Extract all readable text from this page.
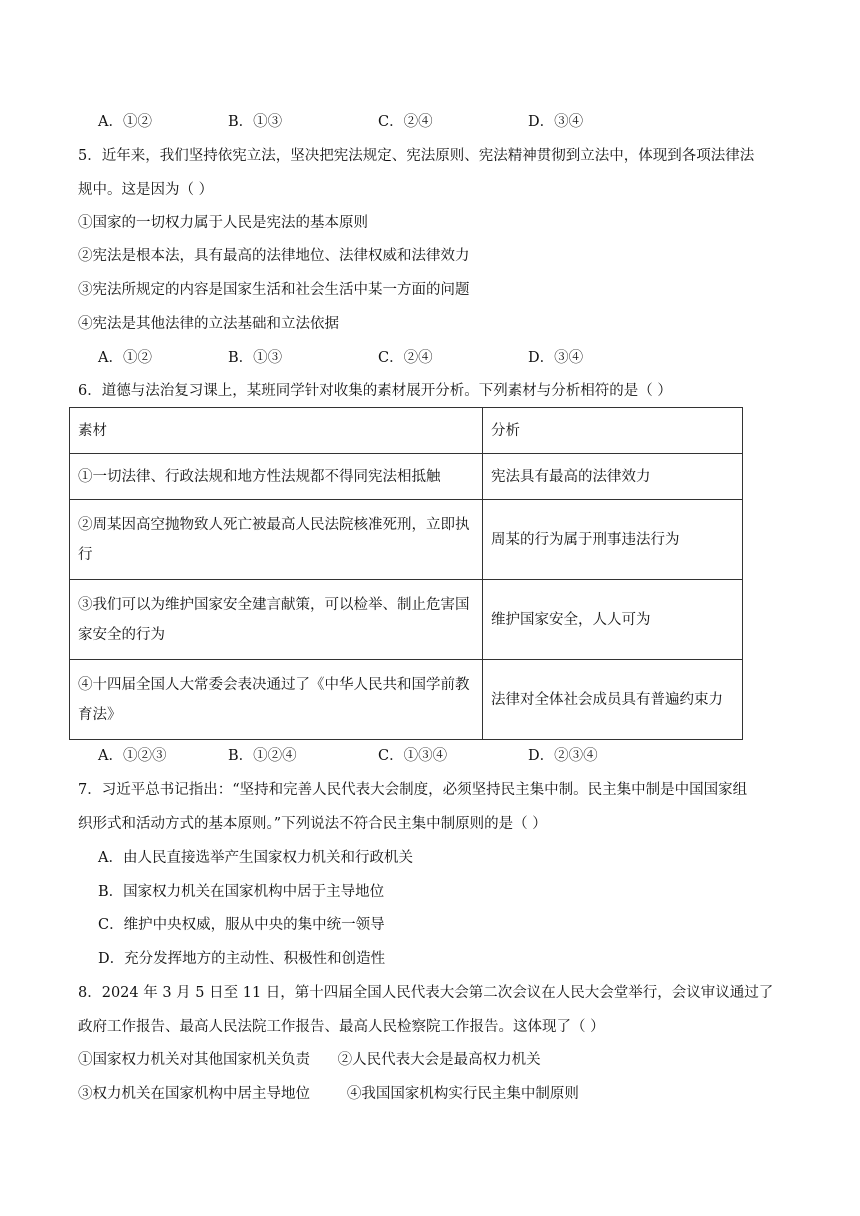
A．①②	B．①③	C．②④	D．③④
5．近年来，我们坚持依宪立法，坚决把宪法规定、宪法原则、宪法精神贯彻到立法中，体现到各项法律法
规中。这是因为（ ）
①国家的一切权力属于人民是宪法的基本原则
②宪法是根本法，具有最高的法律地位、法律权威和法律效力
③宪法所规定的内容是国家生活和社会生活中某一方面的问题
④宪法是其他法律的立法基础和立法依据
A．①②	B．①③	C．②④	D．③④
6．道德与法治复习课上，某班同学针对收集的素材展开分析。下列素材与分析相符的是（ ）
素材	分析
①一切法律、行政法规和地方性法规都不得同宪法相抵触	宪法具有最高的法律效力
②周某因高空抛物致人死亡被最高人民法院核准死刑，立即执行	周某的行为属于刑事违法行为
③我们可以为维护国家安全建言献策，可以检举、制止危害国家安全的行为	维护国家安全，人人可为
④十四届全国人大常委会表决通过了《中华人民共和国学前教育法》	法律对全体社会成员具有普遍约束力
A．①②③	B．①②④	C．①③④	D．②③④
7．习近平总书记指出：“坚持和完善人民代表大会制度，必须坚持民主集中制。民主集中制是中国国家组
织形式和活动方式的基本原则。”下列说法不符合民主集中制原则的是（ ）
A．由人民直接选举产生国家权力机关和行政机关
B．国家权力机关在国家机构中居于主导地位
C．维护中央权威，服从中央的集中统一领导
D．充分发挥地方的主动性、积极性和创造性
8．2024 年 3 月 5 日至 11 日，第十四届全国人民代表大会第二次会议在人民大会堂举行，会议审议通过了
政府工作报告、最高人民法院工作报告、最高人民检察院工作报告。这体现了（ ）
①国家权力机关对其他国家机关负责      ②人民代表大会是最高权力机关
③权力机关在国家机构中居主导地位        ④我国国家机构实行民主集中制原则
